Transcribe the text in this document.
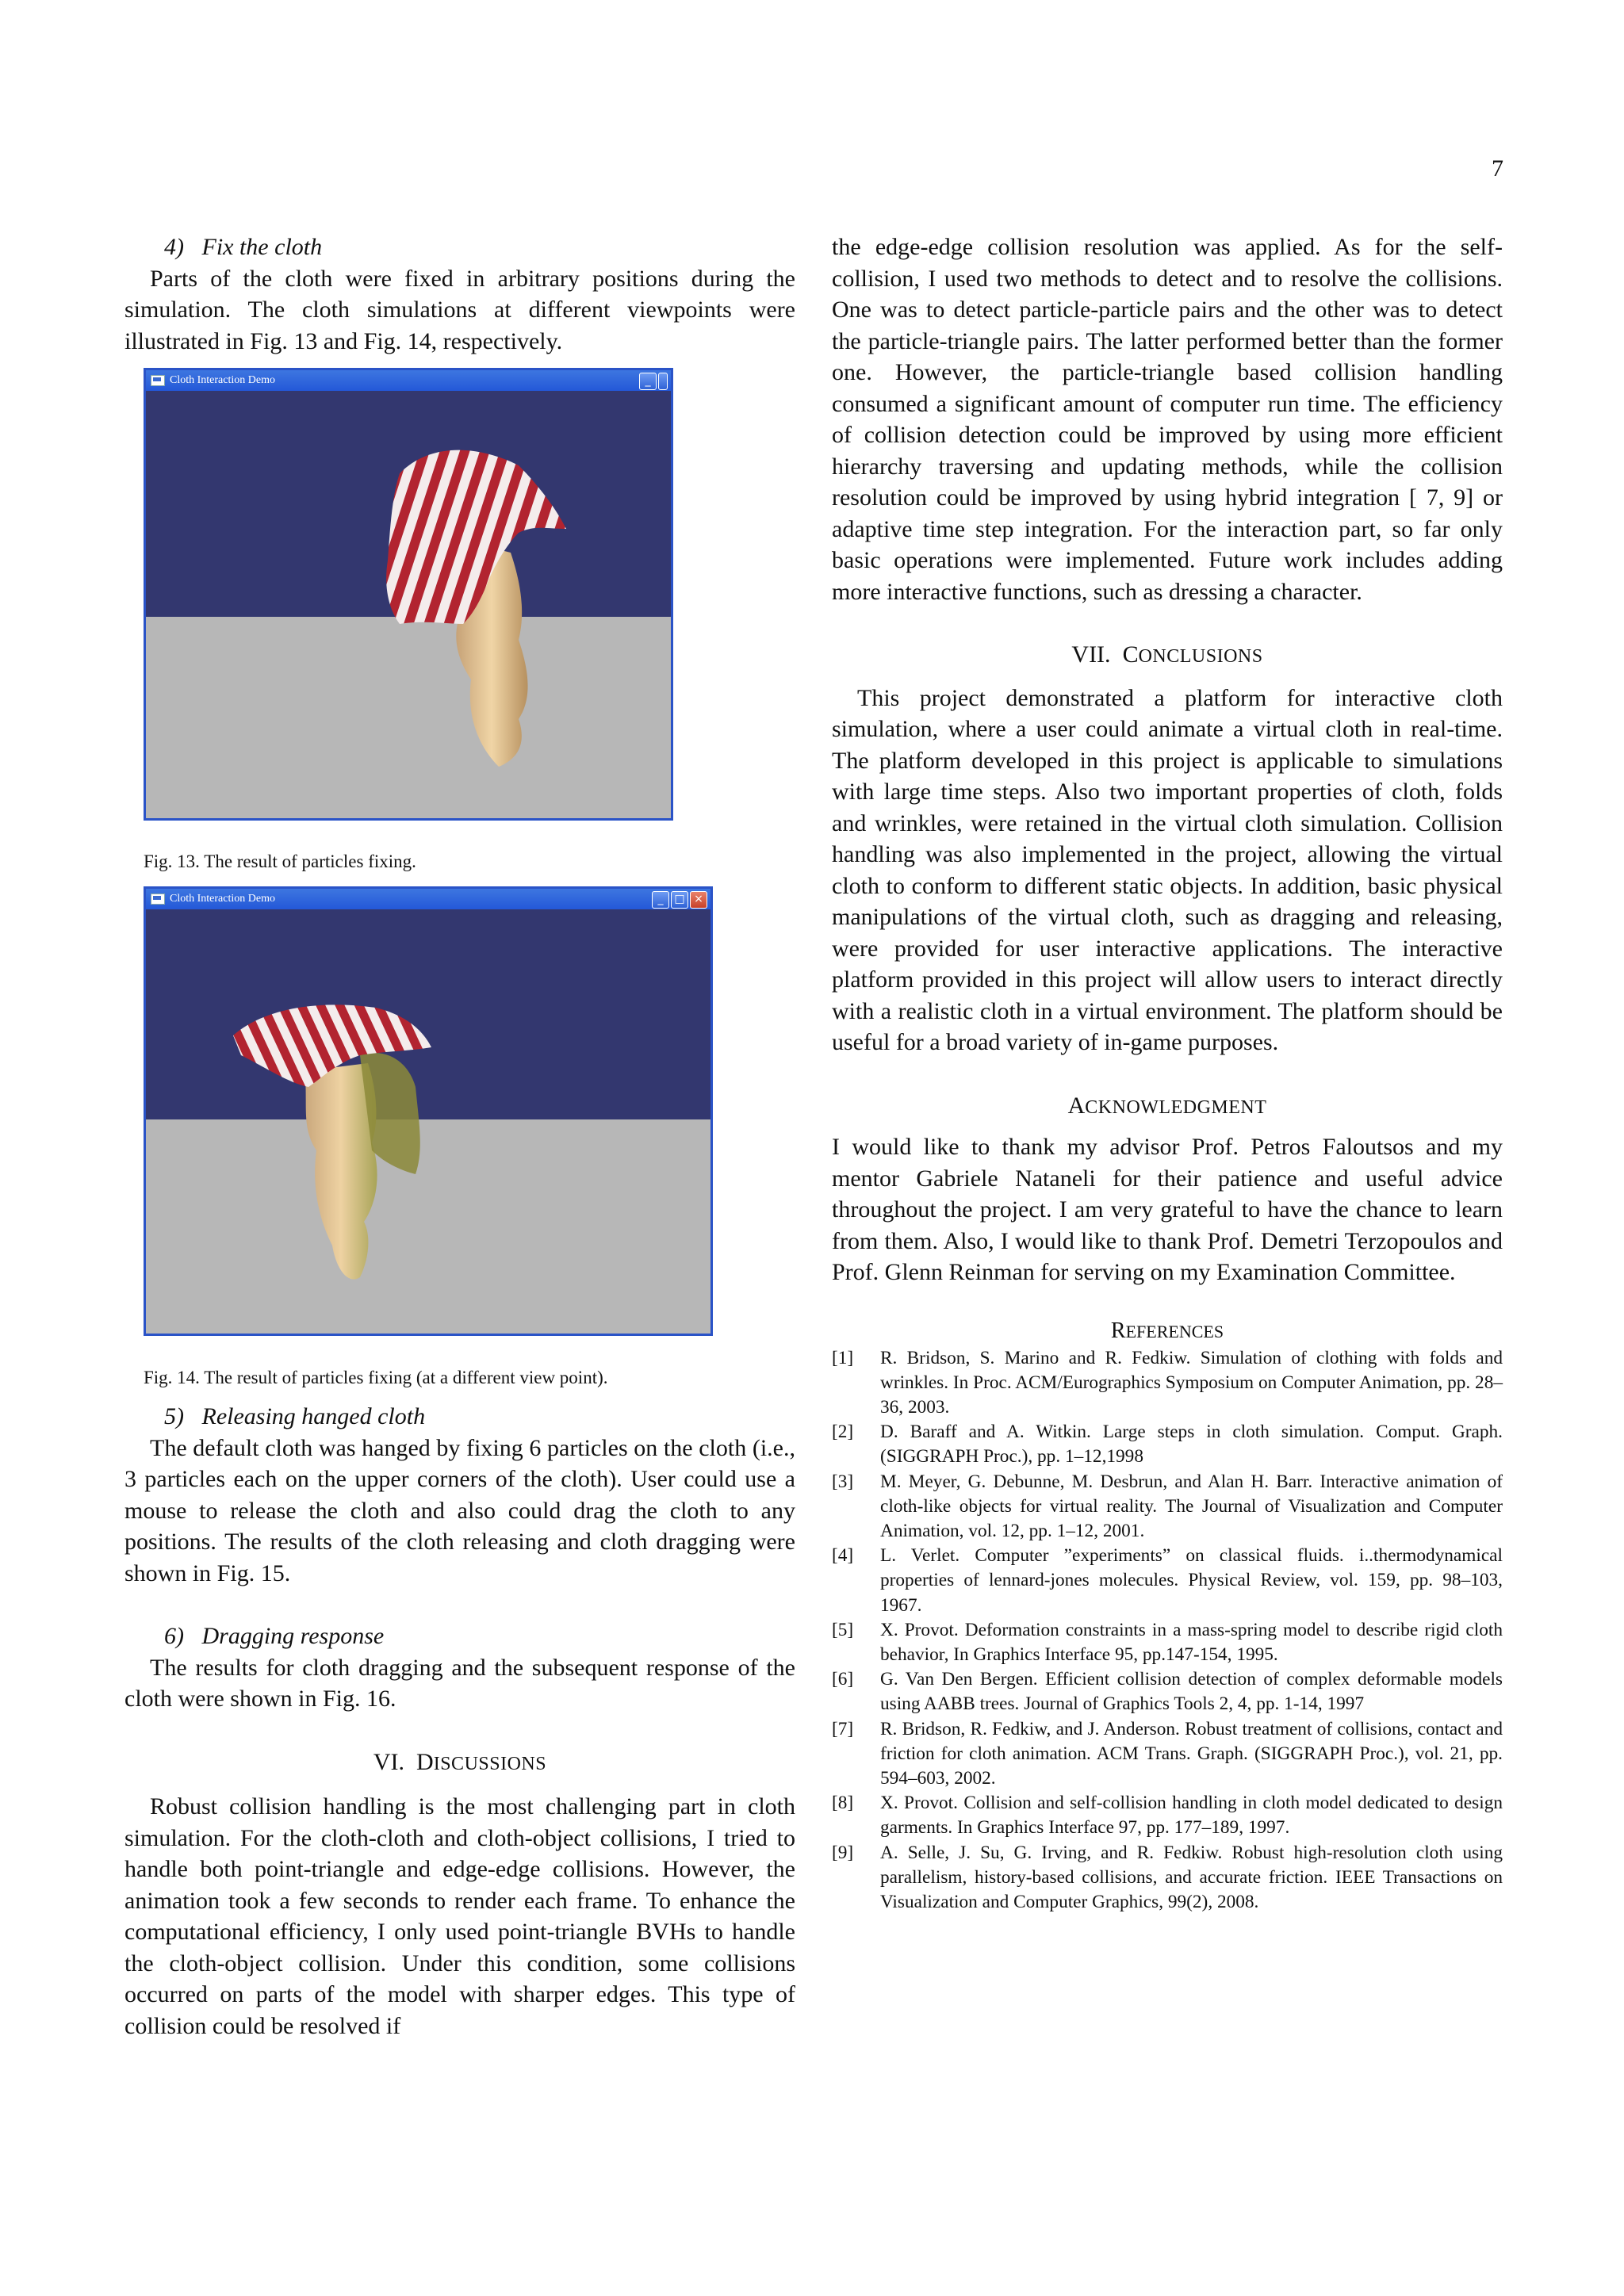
7
4) Fix the cloth

Parts of the cloth were fixed in arbitrary positions during the simulation. The cloth simulations at different viewpoints were illustrated in Fig. 13 and Fig. 14, respectively.

Cloth Interaction Demo	_

Fig. 13. The result of particles fixing.

Cloth Interaction Demo	_ □ ×

Fig. 14. The result of particles fixing (at a different view point).

5) Releasing hanged cloth

The default cloth was hanged by fixing 6 particles on the cloth (i.e., 3 particles each on the upper corners of the cloth). User could use a mouse to release the cloth and also could drag the cloth to any positions. The results of the cloth releasing and cloth dragging were shown in Fig. 15.

6) Dragging response

The results for cloth dragging and the subsequent response of the cloth were shown in Fig. 16.

VI. DISCUSSIONS

Robust collision handling is the most challenging part in cloth simulation. For the cloth-cloth and cloth-object collisions, I tried to handle both point-triangle and edge-edge collisions. However, the animation took a few seconds to render each frame. To enhance the computational efficiency, I only used point-triangle BVHs to handle the cloth-object collision. Under this condition, some collisions occurred on parts of the model with sharper edges. This type of collision could be resolved if

the edge-edge collision resolution was applied. As for the self-collision, I used two methods to detect and to resolve the collisions. One was to detect particle-particle pairs and the other was to detect the particle-triangle pairs. The latter performed better than the former one. However, the particle-triangle based collision handling consumed a significant amount of computer run time. The efficiency of collision detection could be improved by using more efficient hierarchy traversing and updating methods, while the collision resolution could be improved by using hybrid integration [ 7, 9] or adaptive time step integration. For the interaction part, so far only basic operations were implemented. Future work includes adding more interactive functions, such as dressing a character.

VII. CONCLUSIONS

This project demonstrated a platform for interactive cloth simulation, where a user could animate a virtual cloth in real-time. The platform developed in this project is applicable to simulations with large time steps. Also two important properties of cloth, folds and wrinkles, were retained in the virtual cloth simulation. Collision handling was also implemented in the project, allowing the virtual cloth to conform to different static objects. In addition, basic physical manipulations of the virtual cloth, such as dragging and releasing, were provided for user interactive applications. The interactive platform provided in this project will allow users to interact directly with a realistic cloth in a virtual environment. The platform should be useful for a broad variety of in-game purposes.

ACKNOWLEDGMENT

I would like to thank my advisor Prof. Petros Faloutsos and my mentor Gabriele Nataneli for their patience and useful advice throughout the project. I am very grateful to have the chance to learn from them. Also, I would like to thank Prof. Demetri Terzopoulos and Prof. Glenn Reinman for serving on my Examination Committee.

REFERENCES

[1]	R. Bridson, S. Marino and R. Fedkiw. Simulation of clothing with folds and wrinkles. In Proc. ACM/Eurographics Symposium on Computer Animation, pp. 28–36, 2003.
[2]	D. Baraff and A. Witkin. Large steps in cloth simulation. Comput. Graph. (SIGGRAPH Proc.), pp. 1–12,1998
[3]	M. Meyer, G. Debunne, M. Desbrun, and Alan H. Barr. Interactive animation of cloth-like objects for virtual reality. The Journal of Visualization and Computer Animation, vol. 12, pp. 1–12, 2001.
[4]	L. Verlet. Computer ”experiments” on classical fluids. i..thermodynamical properties of lennard-jones molecules. Physical Review, vol. 159, pp. 98–103, 1967.
[5]	X. Provot. Deformation constraints in a mass-spring model to describe rigid cloth behavior, In Graphics Interface 95, pp.147-154, 1995.
[6]	G. Van Den Bergen. Efficient collision detection of complex deformable models using AABB trees. Journal of Graphics Tools 2, 4, pp. 1-14, 1997
[7]	R. Bridson, R. Fedkiw, and J. Anderson. Robust treatment of collisions, contact and friction for cloth animation. ACM Trans. Graph. (SIGGRAPH Proc.), vol. 21, pp. 594–603, 2002.
[8]	X. Provot. Collision and self-collision handling in cloth model dedicated to design garments. In Graphics Interface 97, pp. 177–189, 1997.
[9]	A. Selle, J. Su, G. Irving, and R. Fedkiw. Robust high-resolution cloth using parallelism, history-based collisions, and accurate friction. IEEE Transactions on Visualization and Computer Graphics, 99(2), 2008.
